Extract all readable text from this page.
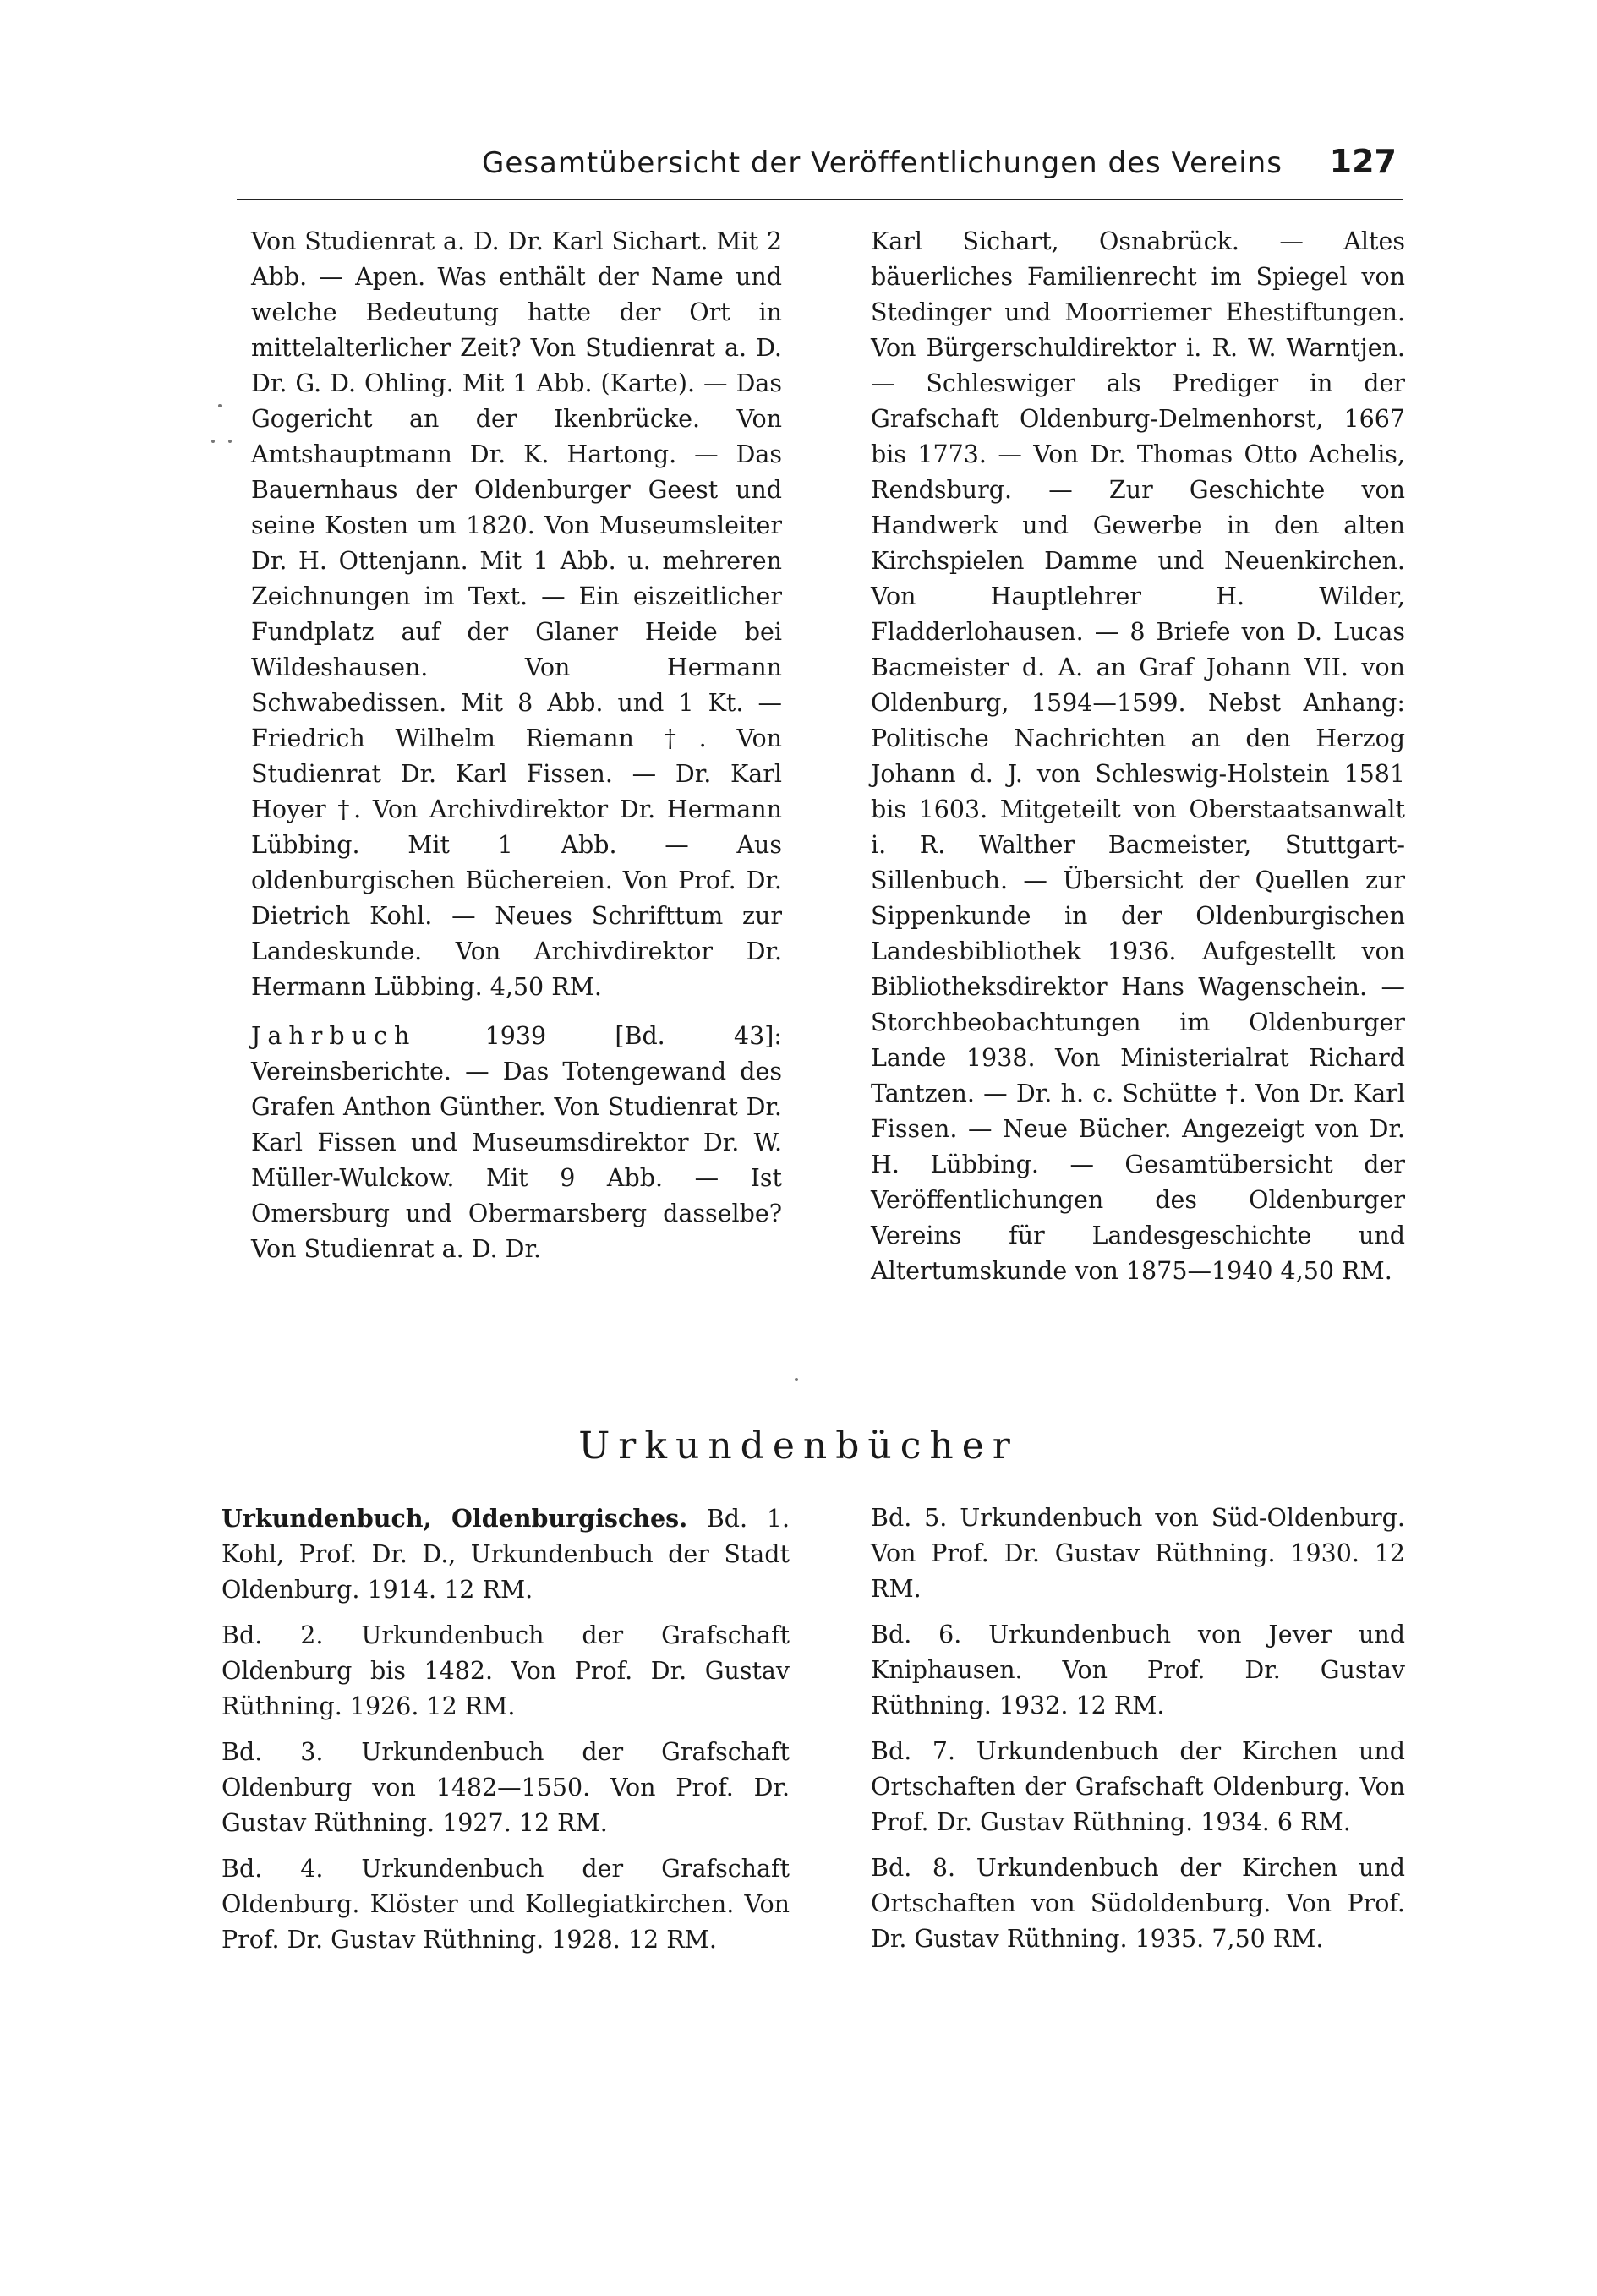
Gesamtübersicht der Veröffentlichungen des Vereins 127

Von Studienrat a. D. Dr. Karl Sichart. Mit 2 Abb. — Apen. Was enthält der Name und welche Bedeutung hatte der Ort in mittelalterlicher Zeit? Von Studienrat a. D. Dr. G. D. Ohling. Mit 1 Abb. (Karte). — Das Gogericht an der Ikenbrücke. Von Amtshauptmann Dr. K. Hartong. — Das Bauernhaus der Oldenburger Geest und seine Kosten um 1820. Von Museumsleiter Dr. H. Ottenjann. Mit 1 Abb. u. mehreren Zeichnungen im Text. — Ein eiszeitlicher Fundplatz auf der Glaner Heide bei Wildeshausen. Von Hermann Schwabedissen. Mit 8 Abb. und 1 Kt. — Friedrich Wilhelm Riemann †. Von Studienrat Dr. Karl Fissen. — Dr. Karl Hoyer †. Von Archivdirektor Dr. Hermann Lübbing. Mit 1 Abb. — Aus oldenburgischen Büchereien. Von Prof. Dr. Dietrich Kohl. — Neues Schrifttum zur Landeskunde. Von Archivdirektor Dr. Hermann Lübbing. 4,50 RM.

Jahrbuch 1939 [Bd. 43]: Vereinsberichte. — Das Totengewand des Grafen Anthon Günther. Von Studienrat Dr. Karl Fissen und Museumsdirektor Dr. W. Müller-Wulckow. Mit 9 Abb. — Ist Omersburg und Obermarsberg dasselbe? Von Studienrat a. D. Dr.

Karl Sichart, Osnabrück. — Altes bäuerliches Familienrecht im Spiegel von Stedinger und Moorriemer Ehestiftungen. Von Bürgerschuldirektor i. R. W. Warntjen. — Schleswiger als Prediger in der Grafschaft Oldenburg-Delmenhorst, 1667 bis 1773. — Von Dr. Thomas Otto Achelis, Rendsburg. — Zur Geschichte von Handwerk und Gewerbe in den alten Kirchspielen Damme und Neuenkirchen. Von Hauptlehrer H. Wilder, Fladderlohausen. — 8 Briefe von D. Lucas Bacmeister d. A. an Graf Johann VII. von Oldenburg, 1594—1599. Nebst Anhang: Politische Nachrichten an den Herzog Johann d. J. von Schleswig-Holstein 1581 bis 1603. Mitgeteilt von Oberstaatsanwalt i. R. Walther Bacmeister, Stuttgart-Sillenbuch. — Übersicht der Quellen zur Sippenkunde in der Oldenburgischen Landesbibliothek 1936. Aufgestellt von Bibliotheksdirektor Hans Wagenschein. — Storchbeobachtungen im Oldenburger Lande 1938. Von Ministerialrat Richard Tantzen. — Dr. h. c. Schütte †. Von Dr. Karl Fissen. — Neue Bücher. Angezeigt von Dr. H. Lübbing. — Gesamtübersicht der Veröffentlichungen des Oldenburger Vereins für Landesgeschichte und Altertumskunde von 1875—1940 4,50 RM.

Urkundenbücher

Urkundenbuch, Oldenburgisches. Bd. 1. Kohl, Prof. Dr. D., Urkundenbuch der Stadt Oldenburg. 1914. 12 RM.

Bd. 2. Urkundenbuch der Grafschaft Oldenburg bis 1482. Von Prof. Dr. Gustav Rüthning. 1926. 12 RM.

Bd. 3. Urkundenbuch der Grafschaft Oldenburg von 1482—1550. Von Prof. Dr. Gustav Rüthning. 1927. 12 RM.

Bd. 4. Urkundenbuch der Grafschaft Oldenburg. Klöster und Kollegiatkirchen. Von Prof. Dr. Gustav Rüthning. 1928. 12 RM.

Bd. 5. Urkundenbuch von Süd-Oldenburg. Von Prof. Dr. Gustav Rüthning. 1930. 12 RM.

Bd. 6. Urkundenbuch von Jever und Kniphausen. Von Prof. Dr. Gustav Rüthning. 1932. 12 RM.

Bd. 7. Urkundenbuch der Kirchen und Ortschaften der Grafschaft Oldenburg. Von Prof. Dr. Gustav Rüthning. 1934. 6 RM.

Bd. 8. Urkundenbuch der Kirchen und Ortschaften von Südoldenburg. Von Prof. Dr. Gustav Rüthning. 1935. 7,50 RM.
